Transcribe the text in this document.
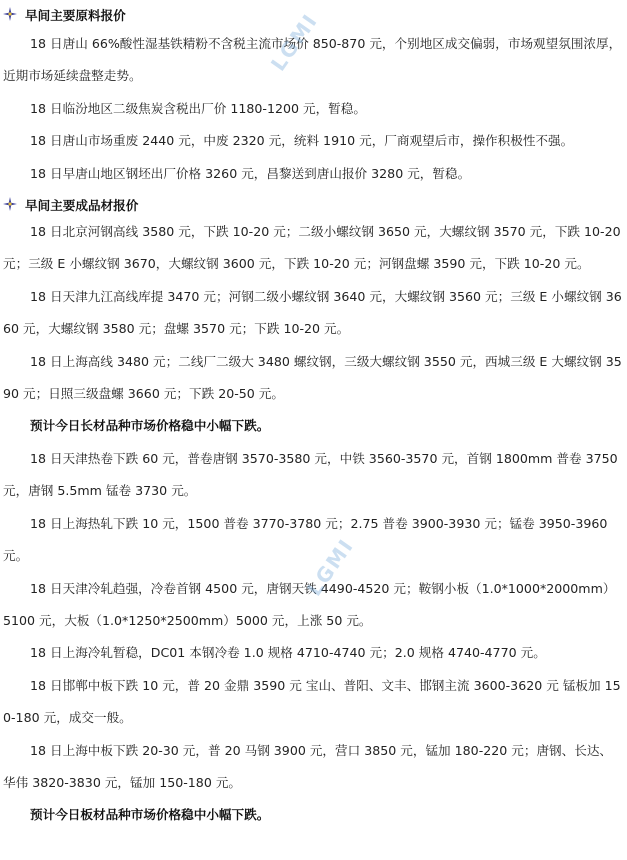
早间主要原料报价

18 日唐山 66%酸性湿基铁精粉不含税主流市场价 850-870 元，个别地区成交偏弱，市场观望氛围浓厚，近期市场延续盘整走势。

18 日临汾地区二级焦炭含税出厂价 1180-1200 元，暂稳。

18 日唐山市场重废 2440 元，中废 2320 元，统料 1910 元，厂商观望后市，操作积极性不强。

18 日早唐山地区钢坯出厂价格 3260 元，昌黎送到唐山报价 3280 元，暂稳。

早间主要成品材报价

18 日北京河钢高线 3580 元，下跌 10-20 元；二级小螺纹钢 3650 元，大螺纹钢 3570 元，下跌 10-20 元；三级 E 小螺纹钢 3670，大螺纹钢 3600 元，下跌 10-20 元；河钢盘螺 3590 元，下跌 10-20 元。

18 日天津九江高线库提 3470 元；河钢二级小螺纹钢 3640 元，大螺纹钢 3560 元；三级 E 小螺纹钢 3660 元，大螺纹钢 3580 元；盘螺 3570 元；下跌 10-20 元。

18 日上海高线 3480 元；二线厂二级大 3480 螺纹钢，三级大螺纹钢 3550 元，西城三级 E 大螺纹钢 3590 元；日照三级盘螺 3660 元；下跌 20-50 元。

预计今日长材品种市场价格稳中小幅下跌。

18 日天津热卷下跌 60 元，普卷唐钢 3570-3580 元，中铁 3560-3570 元，首钢 1800mm 普卷 3750 元，唐钢 5.5mm 锰卷 3730 元。

18 日上海热轧下跌 10 元，1500 普卷 3770-3780 元；2.75 普卷 3900-3930 元；锰卷 3950-3960 元。

18 日天津冷轧趋强，冷卷首钢 4500 元，唐钢天铁 4490-4520 元；鞍钢小板（1.0*1000*2000mm）5100 元，大板（1.0*1250*2500mm）5000 元，上涨 50 元。

18 日上海冷轧暂稳，DC01 本钢冷卷 1.0 规格 4710-4740 元；2.0 规格 4740-4770 元。

18 日邯郸中板下跌 10 元，普 20 金鼎 3590 元 宝山、普阳、文丰、邯钢主流 3600-3620 元 锰板加 150-180 元，成交一般。

18 日上海中板下跌 20-30 元，普 20 马钢 3900 元，营口 3850 元，锰加 180-220 元；唐钢、长达、华伟 3820-3830 元，锰加 150-180 元。

预计今日板材品种市场价格稳中小幅下跌。

LGMI
LGMI
